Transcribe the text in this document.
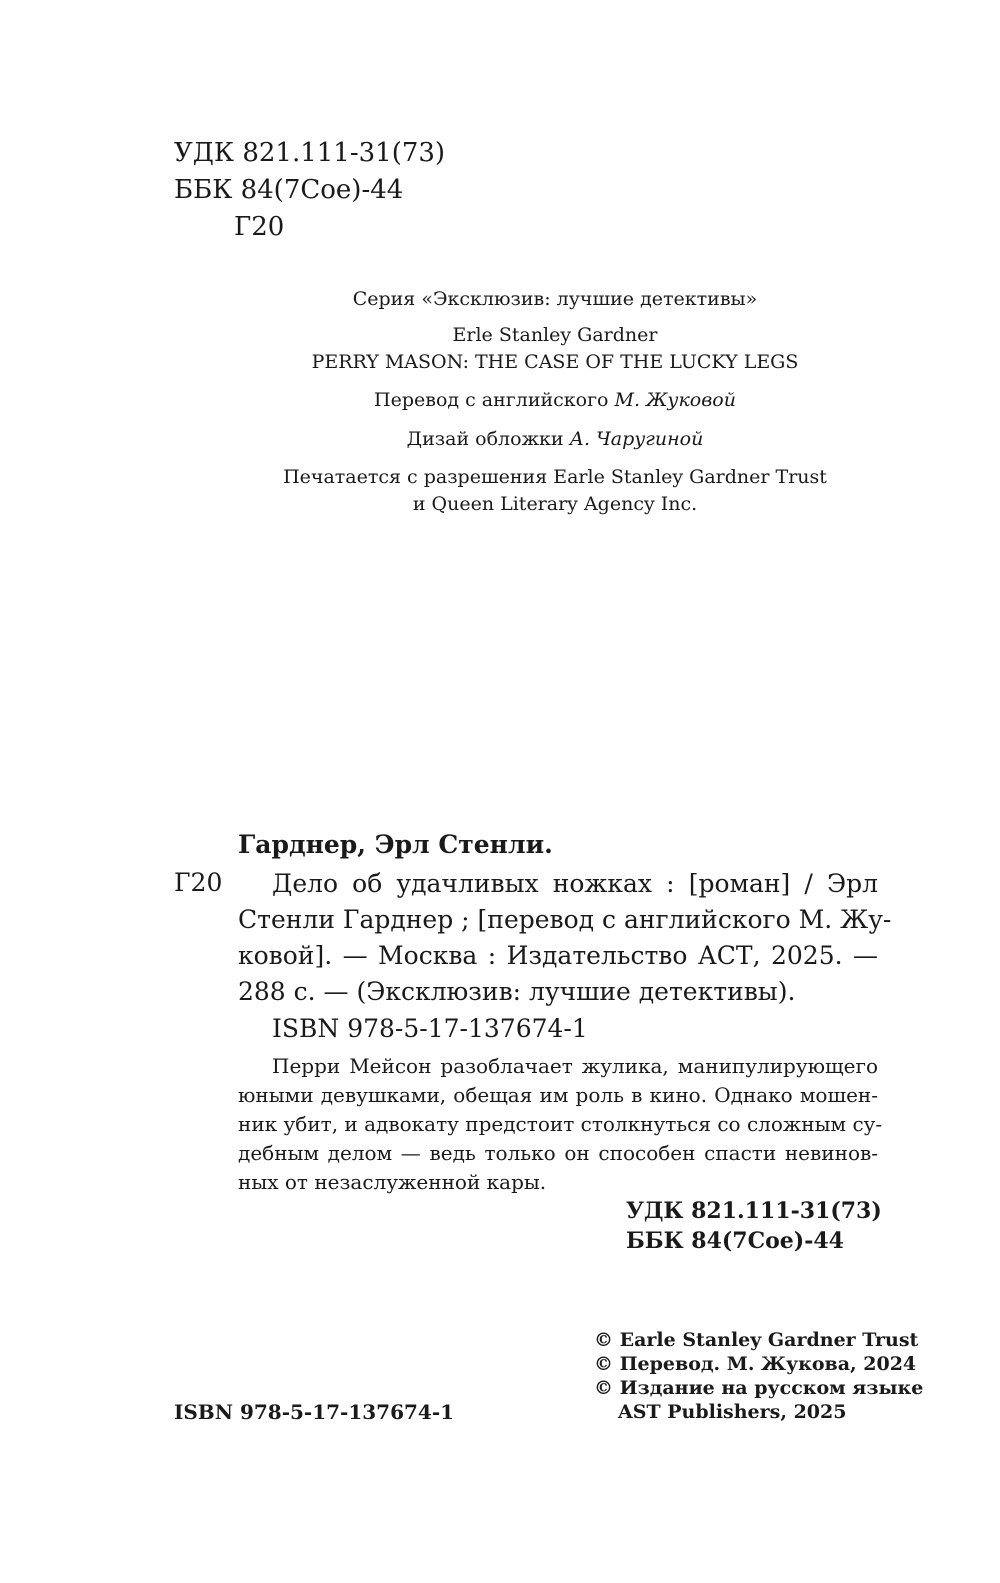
УДК 821.111-31(73)
ББК 84(7Сое)-44
Г20
Серия «Эксклюзив: лучшие детективы»
Erle Stanley Gardner
PERRY MASON: THE CASE OF THE LUCKY LEGS
Перевод с английского М. Жуковой
Дизай обложки А. Чаругиной
Печатается с разрешения Earle Stanley Gardner Trust
и Queen Literary Agency Inc.
Гарднер, Эрл Стенли.
Г20	Дело об удачливых ножках : [роман] / Эрл
Стенли Гарднер ; [перевод с английского М. Жу-
ковой]. — Москва : Издательство АСТ, 2025. —
288 с. — (Эксклюзив: лучшие детективы).
ISBN 978-5-17-137674-1
Перри Мейсон разоблачает жулика, манипулирующего
юными девушками, обещая им роль в кино. Однако мошен-
ник убит, и адвокату предстоит столкнуться со сложным су-
дебным делом — ведь только он способен спасти невинов-
ных от незаслуженной кары.
УДК 821.111-31(73)
ББК 84(7Сое)-44
© Earle Stanley Gardner Trust
© Перевод. М. Жукова, 2024
© Издание на русском языке
AST Publishers, 2025
ISBN 978-5-17-137674-1
